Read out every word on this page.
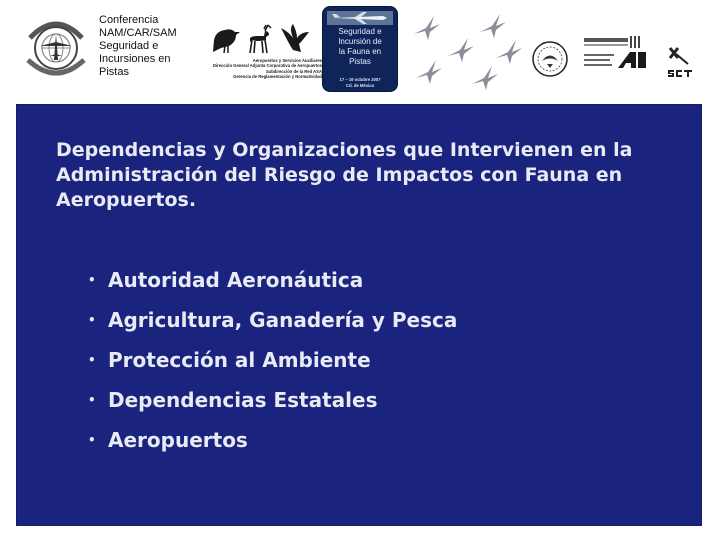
Conferencia
NAM/CAR/SAM
Seguridad e
Incursiones en
Pistas
Aeropuertos y Servicios Auxiliares
Dirección General Adjunta Corporativa de Aeropuertos
Subdirección de la Red ASA
Gerencia de Reglamentación y Normatividad
Seguridad e
Incursión de
la Fauna en
Pistas
17 – 19 octubre 2007
Cd. de México
Dependencias y Organizaciones que Intervienen en la Administración del Riesgo de Impactos con Fauna en Aeropuertos.
• Autoridad Aeronáutica
• Agricultura, Ganadería y Pesca
• Protección al Ambiente
• Dependencias Estatales
• Aeropuertos
